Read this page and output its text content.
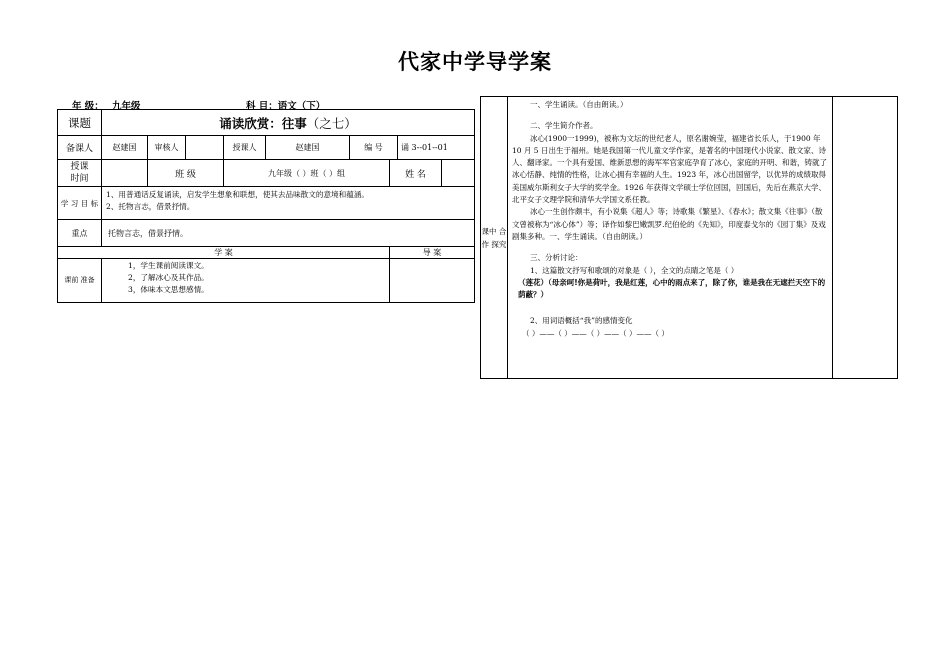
代家中学导学案
年 级： 九年级	科 目：语文（下）
课题	诵读欣赏：往事（之七）								
备课人	赵建国	审核人		授课人	赵建国	编 号		诵 3--01--01	
授课
时间		班 级		九年级（ ）班（ ）组			姓 名		
学 习 目 标	1、用普通话反复诵读，启发学生想象和联想，使其去品味散文的意境和蕴涵。
2、托物言志，借景抒情。								

重点	托物言志，借景抒情。								
学 案							导 案		
课前 准备	1，学生课前阅读课文。
2，了解冰心及其作品。
3，体味本文思想感情。								

课中 合作 探究	

一、学生诵读。（自由朗读。）

二、学生简介作者。

冰心(1900一1999)，被称为文坛的世纪老人，原名谢婉莹，福建省长乐人，于1900 年 10 月 5 日出生于福州。她是我国第一代儿童文学作家，是著名的中国现代小说家、散文家、诗人、翻译家。一个具有爱国、维新思想的海军军官家庭孕育了冰心，家庭的开明、和谐，铸就了冰心恬静、纯情的性格，让冰心拥有幸福的人生。1923 年，冰心出国留学，以优异的成绩取得美国威尔斯利女子大学的奖学金。1926 年获得文学硕士学位回国，回国后，先后在燕京大学、北平女子文理学院和清华大学国文系任教。

冰心一生创作颇丰，有小说集《超人》等；诗歌集《繁星》、《春水》；散文集《往事》（散文曾被称为“冰心体”）等；译作如黎巴嫩凯罗.纪伯伦的《先知》，印度泰戈尔的《园丁集》及戏剧集多种。一、学生诵读。（自由朗读。）

三、分析讨论：

1、这篇散文抒写和歌颂的对象是（ ），全文的点睛之笔是（ ）

（莲花）（母亲呵!你是荷叶，我是红莲，心中的雨点来了，除了你，谁是我在无遮拦天空下的荫蔽？）

2、用词语概括“我”的感情变化

（ ）——（ ）——（ ）——（ ）——（ ）
